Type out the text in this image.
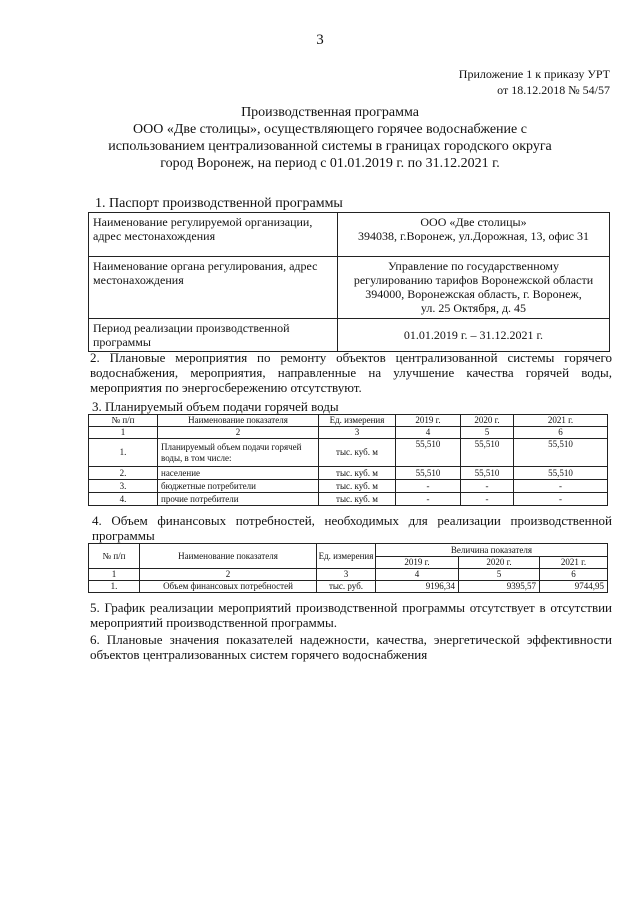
3
Приложение 1 к приказу УРТ
от 18.12.2018 № 54/57
Производственная программа
ООО «Две столицы», осуществляющего горячее водоснабжение с
использованием централизованной системы в границах городского округа
город Воронеж, на период с 01.01.2019 г. по 31.12.2021 г.
1. Паспорт производственной программы
Наименование регулируемой организации, адрес местонахождения	ООО «Две столицы»
394038, г.Воронеж, ул.Дорожная, 13, офис 31

Наименование органа регулирования, адрес местонахождения	Управление по государственному
регулированию тарифов Воронежской области
394000, Воронежская область, г. Воронеж,
ул. 25 Октября, д. 45

Период реализации производственной программы	01.01.2019 г. – 31.12.2021 г.
2. Плановые мероприятия по ремонту объектов централизованной системы горячего водоснабжения, мероприятия, направленные на улучшение качества горячей воды, мероприятия по энергосбережению отсутствуют.
3. Планируемый объем подачи горячей воды
№ п/п	Наименование показателя	Ед. измерения	2019 г.	2020 г.	2021 г.
1	2	3	4	5	6
1.	Планируемый объем подачи горячей воды, в том числе:	тыс. куб. м	55,510	55,510	55,510
2.	население	тыс. куб. м	55,510	55,510	55,510
3.	бюджетные потребители	тыс. куб. м	-	-	-
4.	прочие потребители	тыс. куб. м	-	-	-
4. Объем финансовых потребностей, необходимых для реализации производственной программы
№ п/п	Наименование показателя	Ед. измерения	Величина показателя		
			2019 г.	2020 г.	2021 г.
1	2	3	4	5	6
1.	Объем финансовых потребностей	тыс. руб.	9196,34	9395,57	9744,95
5. График реализации мероприятий производственной программы отсутствует в отсутствии мероприятий производственной программы.
6. Плановые значения показателей надежности, качества, энергетической эффективности объектов централизованных систем горячего водоснабжения
